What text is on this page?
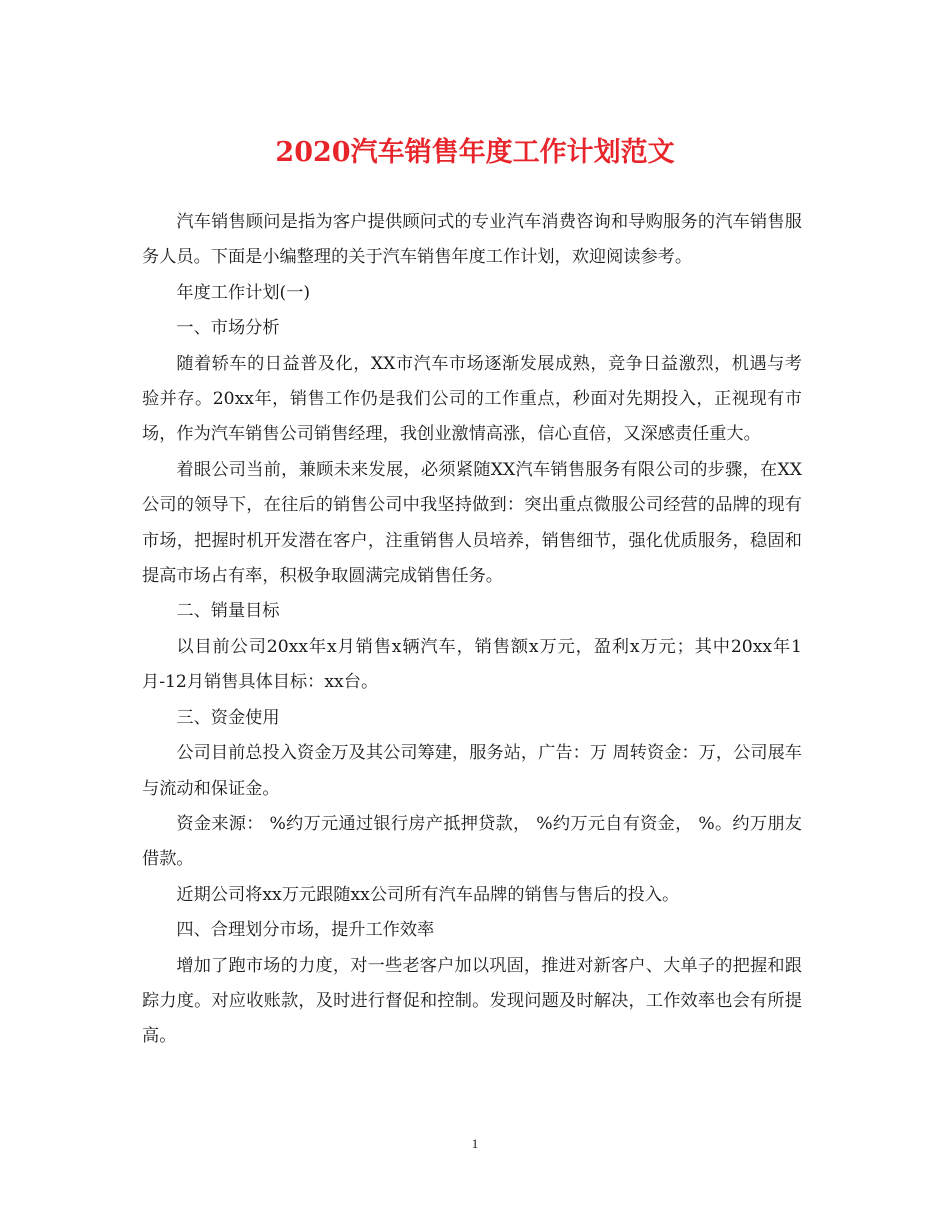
2020汽车销售年度工作计划范文

汽车销售顾问是指为客户提供顾问式的专业汽车消费咨询和导购服务的汽车销售服务人员。下面是小编整理的关于汽车销售年度工作计划，欢迎阅读参考。

年度工作计划(一)

一、市场分析

随着轿车的日益普及化，XX市汽车市场逐渐发展成熟，竞争日益激烈，机遇与考验并存。20xx年，销售工作仍是我们公司的工作重点，秒面对先期投入，正视现有市场，作为汽车销售公司销售经理，我创业激情高涨，信心直倍，又深感责任重大。

着眼公司当前，兼顾未来发展，必须紧随XX汽车销售服务有限公司的步骤，在XX公司的领导下，在往后的销售公司中我坚持做到：突出重点微服公司经营的品牌的现有市场，把握时机开发潜在客户，注重销售人员培养，销售细节，强化优质服务，稳固和提高市场占有率，积极争取圆满完成销售任务。

二、销量目标

以目前公司20xx年x月销售x辆汽车，销售额x万元，盈利x万元；其中20xx年1月-12月销售具体目标：xx台。

三、资金使用

公司目前总投入资金万及其公司筹建，服务站，广告：万 周转资金：万，公司展车与流动和保证金。

资金来源： %约万元通过银行房产抵押贷款， %约万元自有资金， %。约万朋友借款。

近期公司将xx万元跟随xx公司所有汽车品牌的销售与售后的投入。

四、合理划分市场，提升工作效率

增加了跑市场的力度，对一些老客户加以巩固，推进对新客户、大单子的把握和跟踪力度。对应收账款，及时进行督促和控制。发现问题及时解决，工作效率也会有所提高。

1
